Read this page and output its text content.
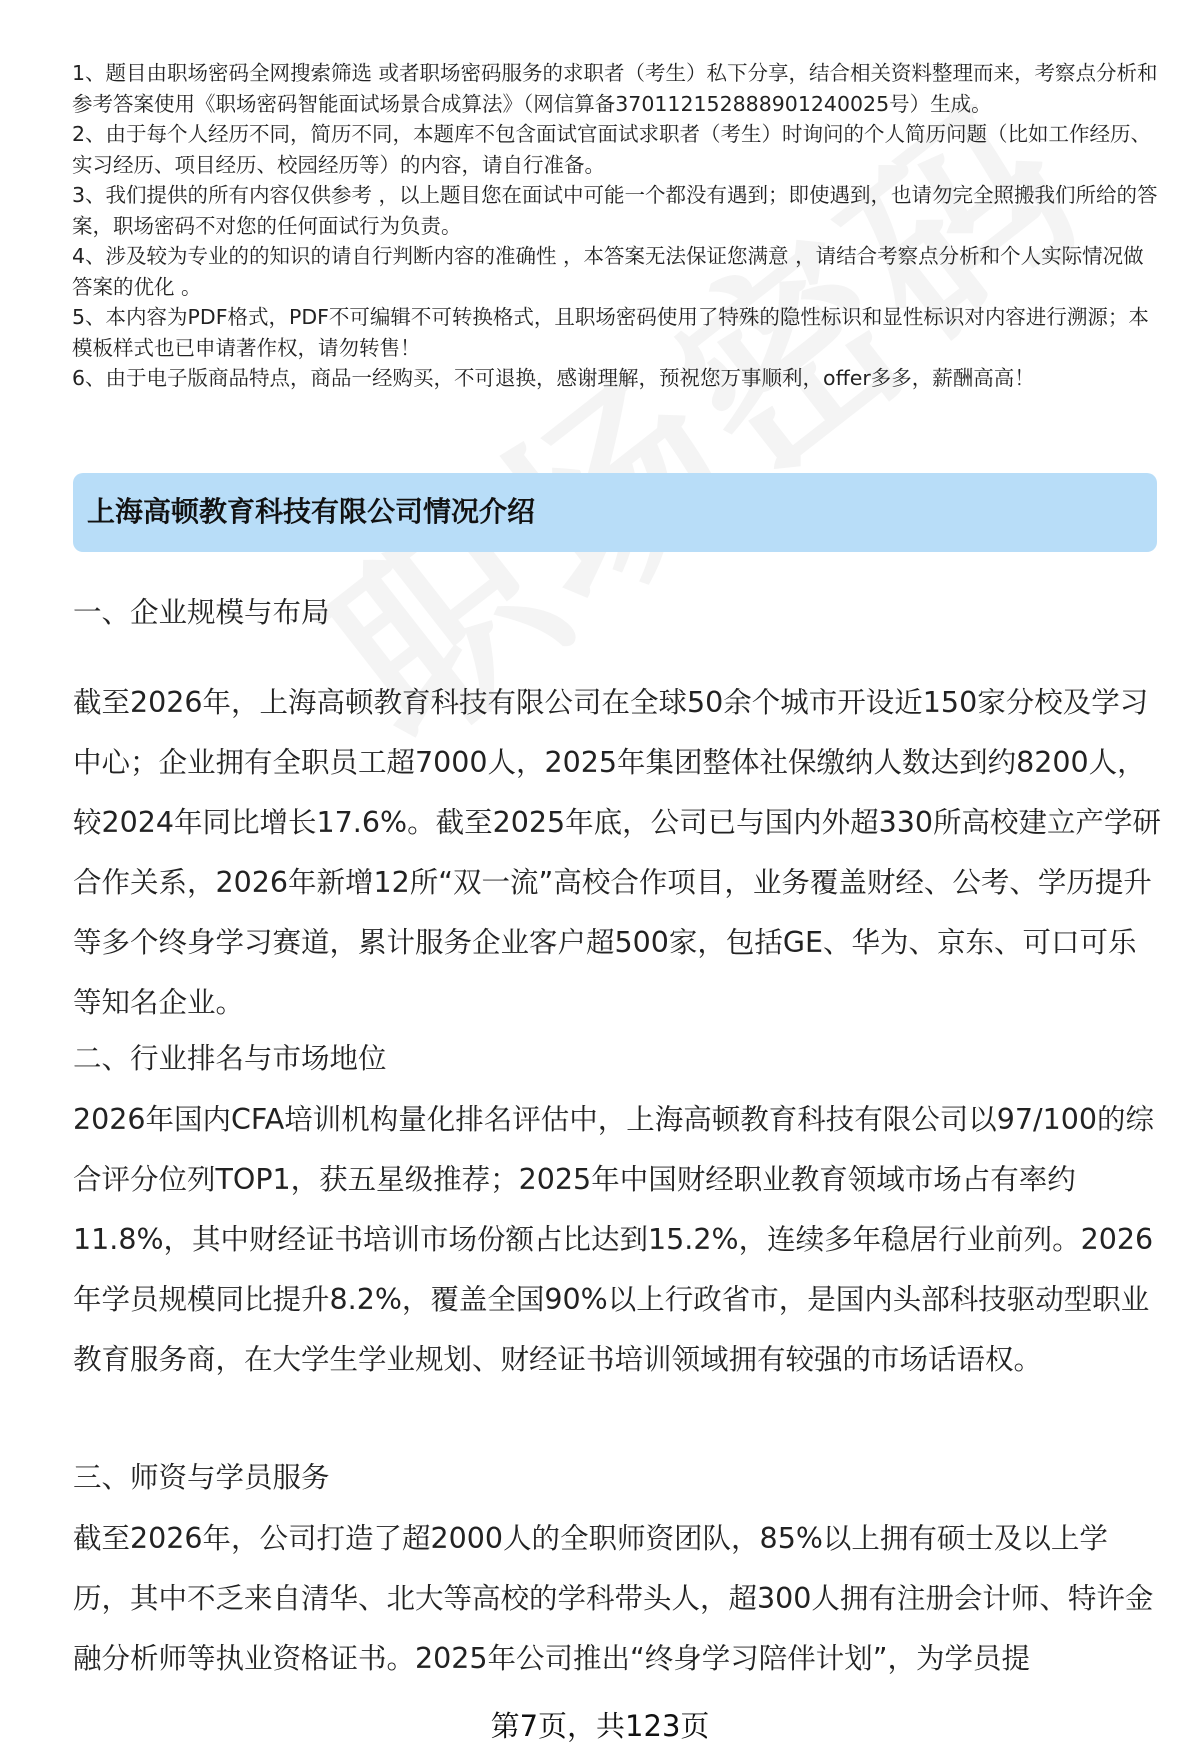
1、题目由职场密码全网搜索筛选 或者职场密码服务的求职者（考生）私下分享，结合相关资料整理而来，考察点分析和参考答案使用《职场密码智能面试场景合成算法》（网信算备370112152888901240025号）生成。

2、由于每个人经历不同，简历不同，本题库不包含面试官面试求职者（考生）时询问的个人简历问题（比如工作经历、实习经历、项目经历、校园经历等）的内容，请自行准备。

3、我们提供的所有内容仅供参考 ，以上题目您在面试中可能一个都没有遇到；即使遇到，也请勿完全照搬我们所给的答案，职场密码不对您的任何面试行为负责。

4、涉及较为专业的的知识的请自行判断内容的准确性 ，本答案无法保证您满意 ，请结合考察点分析和个人实际情况做答案的优化 。

5、本内容为PDF格式，PDF不可编辑不可转换格式，且职场密码使用了特殊的隐性标识和显性标识对内容进行溯源；本模板样式也已申请著作权，请勿转售！

6、由于电子版商品特点，商品一经购买，不可退换，感谢理解，预祝您万事顺利，offer多多，薪酬高高！

上海高顿教育科技有限公司情况介绍

一、企业规模与布局

截至2026年，上海高顿教育科技有限公司在全球50余个城市开设近150家分校及学习中心；企业拥有全职员工超7000人，2025年集团整体社保缴纳人数达到约8200人，较2024年同比增长17.6%。截至2025年底，公司已与国内外超330所高校建立产学研合作关系，2026年新增12所“双一流”高校合作项目，业务覆盖财经、公考、学历提升等多个终身学习赛道，累计服务企业客户超500家，包括GE、华为、京东、可口可乐等知名企业。

二、行业排名与市场地位

2026年国内CFA培训机构量化排名评估中，上海高顿教育科技有限公司以97/100的综合评分位列TOP1，获五星级推荐；2025年中国财经职业教育领域市场占有率约11.8%，其中财经证书培训市场份额占比达到15.2%，连续多年稳居行业前列。2026年学员规模同比提升8.2%，覆盖全国90%以上行政省市，是国内头部科技驱动型职业教育服务商，在大学生学业规划、财经证书培训领域拥有较强的市场话语权。

三、师资与学员服务

截至2026年，公司打造了超2000人的全职师资团队，85%以上拥有硕士及以上学历，其中不乏来自清华、北大等高校的学科带头人，超300人拥有注册会计师、特许金融分析师等执业资格证书。2025年公司推出“终身学习陪伴计划”，为学员提

第7页，共123页
